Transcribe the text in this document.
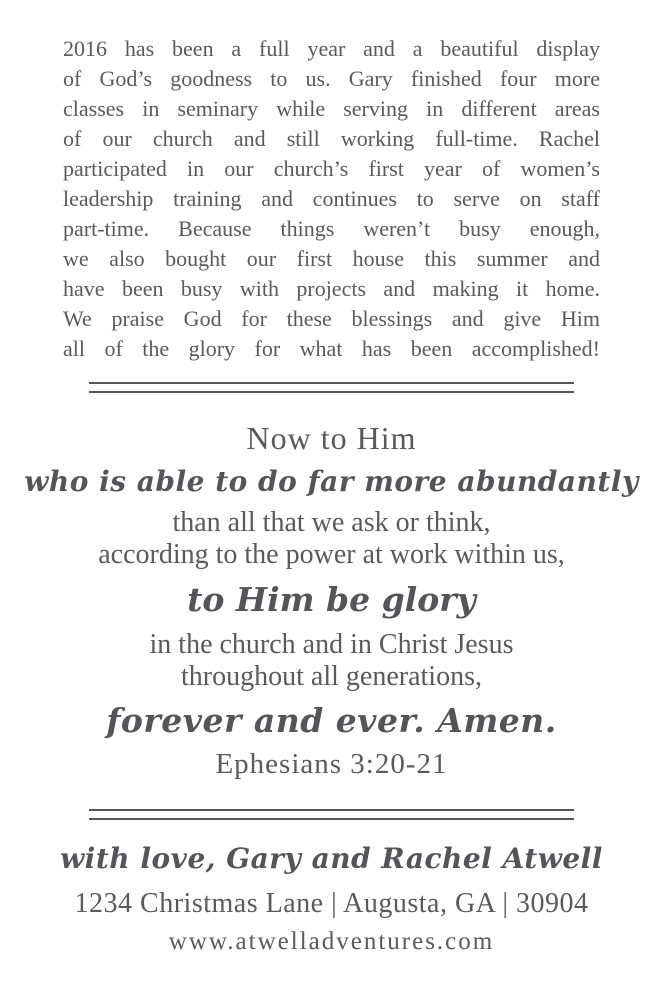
2016 has been a full year and a beautiful display
of God’s goodness to us. Gary finished four more
classes in seminary while serving in different areas
of our church and still working full-time. Rachel
participated in our church’s first year of women’s
leadership training and continues to serve on staff
part-time. Because things weren’t busy enough,
we also bought our first house this summer and
have been busy with projects and making it home.
We praise God for these blessings and give Him
all of the glory for what has been accomplished!
Now to Him
who is able to do far more abundantly
than all that we ask or think,
according to the power at work within us,
to Him be glory
in the church and in Christ Jesus
throughout all generations,
forever and ever. Amen.
Ephesians 3:20-21
with love, Gary and Rachel Atwell
1234 Christmas Lane | Augusta, GA | 30904
www.atwelladventures.com
